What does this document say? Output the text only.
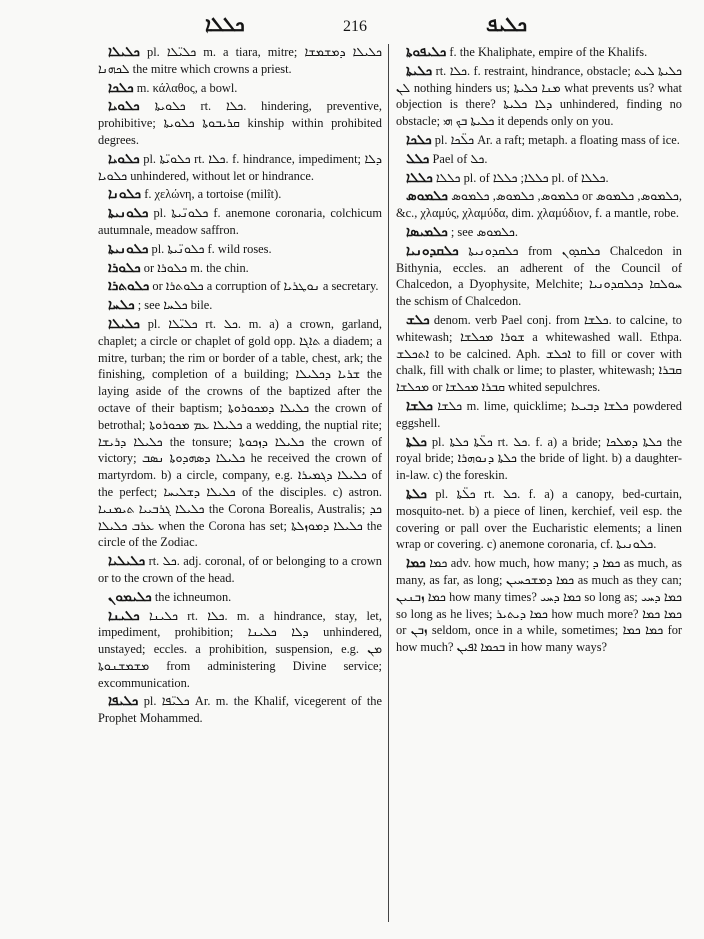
ܟܠܠܐ	216	ܟܠܝܦ

ܟܠܝܠܐ pl. ܟܠܝ̈ܠܐ m. a tiara, mitre; ܟܠܝܠܐ ܕܡܫܡܫܐ ܠܟܗܢܐ the mitre which crowns a priest.

ܟܠܟܐ m. κάλαθος, a bowl.

ܟܠܘܝܐ ܟܠܘܝܬܐ rt. ܟܠܐ. hindering, preventive, prohibitive; ܩܪܝܒܘܬܐ ܟܠܘܝܬܐ kinship within prohibited degrees.

ܟܠܘܝܐ pl. ܟܠܘܝ̈ܬܐ rt. ܟܠܐ. f. hindrance, impediment; ܕܠܐ ܟܠܘܝܐ unhindered, without let or hindrance.

ܟܠܘܢܐ f. χελώνη, a tortoise (milît).

ܟܠܘܢܝܬܐ pl. ܟܠܘܢ̈ܝܬܐ f. anemone coronaria, colchicum autumnale, meadow saffron.

ܟܠܘܢܝܬܐ pl. ܟܠܘܢ̈ܝܬܐ f. wild roses.

ܟܠܘܪܐ or ܟܠܘܪܐ m. the chin.

ܟܠܘܬܪܐ or ܟܠܘܬܪܐ a corruption of ܢܘܛܪܝܐ a secretary.

ܟܠܚܐ ; see ܟܠܚܐ bile.

ܟܠܝܠܐ pl. ܟܠܝ̈ܠܐ rt. ܟܠ. m. a) a crown, garland, chaplet; a circle or chaplet of gold opp. ܬܐܓܐ a diadem; a mitre, turban; the rim or border of a table, chest, ark; the finishing, completion of a building; ܫܪܝܐ ܕܟܠܝܠܐ the laying aside of the crowns of the baptized after the octave of their baptism; ܟܠܝܠܐ ܕܡܟܘܪܘܬܐ the crown of betrothal; ܟܠܝܠܐ ܥܡ ܡܟܘܪܘܬܐ a wedding, the nuptial rite; ܟܠܝܠܐ ܕܪܝܫܐ the tonsure; ܟܠܝܠܐ ܕܙܟܘܬܐ the crown of victory; ܟܠܝܠܐ ܕܣܗܕܘܬܐ ܢܣܒ he received the crown of martyrdom. b) a circle, company, e.g. ܟܠܝܠܐ ܕܓܡܝܪܐ of the perfect; ܟܠܝܠܐ ܕܫܠܝܚܐ of the disciples. c) astron. ܟܠܝܠܐ ܓܪܒܝܝܐ ܬܝܡܢܝܐ the Corona Borealis, Australis; ܟܕ ܥܪܒ ܟܠܝܠܐ when the Corona has set; ܟܠܝܠܐ ܕܡܘܙܠܬܐ the circle of the Zodiac.

ܟܠܝܠܝܐ rt. ܟܠ. adj. coronal, of or belonging to a crown or to the crown of the head.

ܟܠܝܡܘܢ the ichneumon.

ܟܠܝܢܐ ܟܠܝܢܐ rt. ܟܠܐ. m. a hindrance, stay, let, impediment, prohibition; ܕܠܐ ܟܠܝܢܐ unhindered, unstayed; eccles. a prohibition, suspension, e.g. ܡܢ ܡܫܡܫܢܘܬܐ from administering Divine service; excommunication.

ܟܠܝܦܐ pl. ܟܠܝ̈ܦܐ Ar. m. the Khalif, vicegerent of the Prophet Mohammed.

ܟܠܝܦܘܬܐ f. the Khaliphate, empire of the Khalifs.

ܟܠܝܬܐ rt. ܟܠܐ. f. restraint, hindrance, obstacle; ܟܠܝܬܐ ܠܝܬ ܠܢ nothing hinders us; ܡܢܐ ܟܠܝܬܐ what prevents us? what objection is there? ܕܠܐ ܟܠܝܬܐ unhindered, finding no obstacle; ܟܠܝܬܐ ܒܟ ܗܝ it depends only on you.

ܟܠܟܐ pl. ܟܠ̈ܟܐ Ar. a raft; metaph. a floating mass of ice.

ܟܠܠ Pael of ܟܠ.

ܟܠܠܐ ܟܠܠܐ pl. of ܟܠܠܐ; ܟܠܠܐ pl. of ܟܠܠܐ.

ܟܠܡܘܣ ܟܠܡܘܣ, ܟܠܡܘܣ, ܟܠܡܘܣ or ܟܠܡܘܣ, ܟܠܡܘܣ, &c., χλαμύς, χλαμύδα, dim. χλαμύδιον, f. a mantle, robe.

ܟܠܡܝܣܐ ; see ܟܠܡܘܣ.

ܟܠܩܕܘܢܝܐ ܟܠܩܕܘܢܝܬܐ from ܟܠܩܕܘܢ Chalcedon in Bithynia, eccles. an adherent of the Council of Chalcedon, a Dyophysite, Melchite; ܚܘܠܩܐ ܕܟܠܩܕܘܢܝܐ the schism of Chalcedon.

ܟܠܫ denom. verb Pael conj. from ܟܠܫܐ. to calcine, to whitewash; ܫܘܪܐ ܡܟܠܫܐ a whitewashed wall. Ethpa. ܐܬܟܠܫ to be calcined. Aph. ܐܟܠܫ to fill or cover with chalk, fill with chalk or lime; to plaster, whitewash; ܩܒܪܐ ܡܟܠܫܐ or ܩܒܪܐ ܡܟܠܫܐ whited sepulchres.

ܟܠܫܐ ܟܠܫܐ m. lime, quicklime; ܟܠܫܐ ܕܒܝܥܐ powdered eggshell.

ܟܠܬܐ pl. ܟܠ̈ܬܐ ܟܠܬܐ rt. ܟܠ. f. a) a bride; ܟܠܬܐ ܕܡܠܟܐ the royal bride; ܟܠܬܐ ܕܢܘܗܪܐ the bride of light. b) a daughter-in-law. c) the foreskin.

ܟܠܬܐ pl. ܟܠ̈ܬܐ rt. ܟܠ. f. a) a canopy, bed-curtain, mosquito-net. b) a piece of linen, kerchief, veil esp. the covering or pall over the Eucharistic elements; a linen wrap or covering. c) anemone coronaria, cf. ܟܠܘܢܝܬܐ.

ܟܡܐ ܟܡܐ adv. how much, how many; ܟܡܐ ܕ as much, as many, as far, as long; ܟܡܐ ܕܡܫܟܚܝܢ as much as they can; ܟܡܐ ܙܒܢܝܢ how many times? ܟܡܐ ܕܚܝ so long as; ܟܡܐ ܕܚܝ so long as he lives; ܟܡܐ ܕܝܬܝܪ how much more? ܟܡܐ ܟܡܐ or ܙܒܢ seldom, once in a while, sometimes; ܟܡܐ ܟܡܐ for how much? ܒܟܡܐ ܐܦܝܢ in how many ways?
